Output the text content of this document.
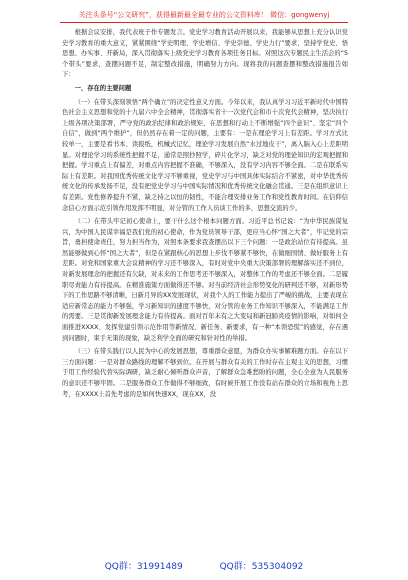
关注头条号“公文研究”，获得最新最全最专业的公文资料库！ 微信：gongwenyj

根据会议安排，我代表班子作专题发言。党史学习教育活动开展以来，我能够从思想上充分认识党史学习教育的重大意义，紧紧围绕“学史明理、学史增信、学史崇德、学史力行”要求，坚持学党史、悟思想、办实事、开新局，深入贯彻落实上级党史学习教育各项任务目标。对照这次专题民主生活会的“5个带头”要求，查摆问题不足，制定整改措施，明确努力方向。现将我的问题查摆和整改措施报告如下：

一、存在的主要问题

（一）在带头深刻领悟“两个确立”的决定性意义方面。今年以来，我认真学习习近平新时代中国特色社会主义思想和党的十九届六中全会精神，贯彻落实省十一次党代会和市十次党代会精神，坚决执行上级各项决策部署，严守党的政治纪律和政治规矩，在思想和行动上不断增强“四个意识”、坚定“四个自信”，做到“两个维护”，但仍然存在着一定的问题，主要有：一是在理论学习上有差距。学习方式比较单一，主要是看书本、读报纸，机械式记忆，理论学习发展自然“水过地皮干”，离入脑入心上差距明显。对理论学习的系统性把握不足，通常是照抄照学，碎片化学习，缺乏对党的理论知识的宏观把握和把握。学习重点上有偏差，对重点内容把握不准确，不够深入，没有学习内容不够全面。二是在联系实际上有差距。对我国优秀传统文化学习不够重视，党史学习与中国具体实际结合不紧密，对中华优秀传统文化的传承发扬不足，没有把党史学习与中国实际情况和优秀传统文化融会贯通。三是在组织意识上有差距。党性修养提升不紧，缺乏持之以恒的韧性，不能合理安排业务工作和党性教育时间。在信仰信念信心方面示范引领作用发挥不明显，对分管的工作人员谈工作的多，思想交流的少。

（二）在带头牢记初心使命上，要干什么这个根本问题方面。习近平总书记说：“为中华民族谋复兴，为中国人民谋幸福是我们党的初心使命，作为党员领导干部，更应当心怀“国之大者”，牢记党的宗旨，勇担使命责任，努力担当作为，对照本条要求我查摆出以下三个问题：一是政治站位有待提高。虽然能够做到心怀“国之大者”，但是在紧跟核心的思想上步伐不够紧不够快，在做细国情、做好服务上有差距。对党和国家重大会议精神的学习还不够深入，有时对党中央重大决策部署的理解落实还不到位，对新发展理念的把握还有欠缺，对未来的工作思考还不够深入，对整体工作的考虑还不够全面。二是履职尽责能力有待提高。在精准施策方面做得还不够。对当前经济社会形势变化的研判还不够，对新形势下的工作思路不够清晰，日新月异的XX发展现状，对我个人的工作能力提出了严峻的挑战，主要表现在适应新常态的能力不够强，学习新知识的速度不够快，对分管的业务工作知识不够深入，不能满足工作的需要。三是贯彻新发展理念能力有待提高。面对百年未有之大变局和新冠肺炎疫情的影响，对如何全面推进XXXX、发挥党建引领示范作用等新情况、新任务、新要求，有一种“本领恐慌”的感觉，存在遇到问题时，束手无策的现象，缺乏利学全面的研究和针对性的举措。

（三）在带头践行以人民为中心的发展思想，尊重群众意愿，为群众办实事解难题方面。存在以下三方面问题：一是对群众路线的理解不够到位。在开展与群众有关的工作时存在主观主义的思想，习惯于用工作经验代替实际调研，缺乏耐心倾听群众声音，了解群众急难愁盼的问题，全心全意为人民服务的意识还不够牢固。二是服务群众工作做得不够细致，有时候开展工作没有站在群众的立场和视角上思考，在XXXX上首先考虑的是如何快速XX，现在XX，没

QQ群：31991489	QQ群：535304092
